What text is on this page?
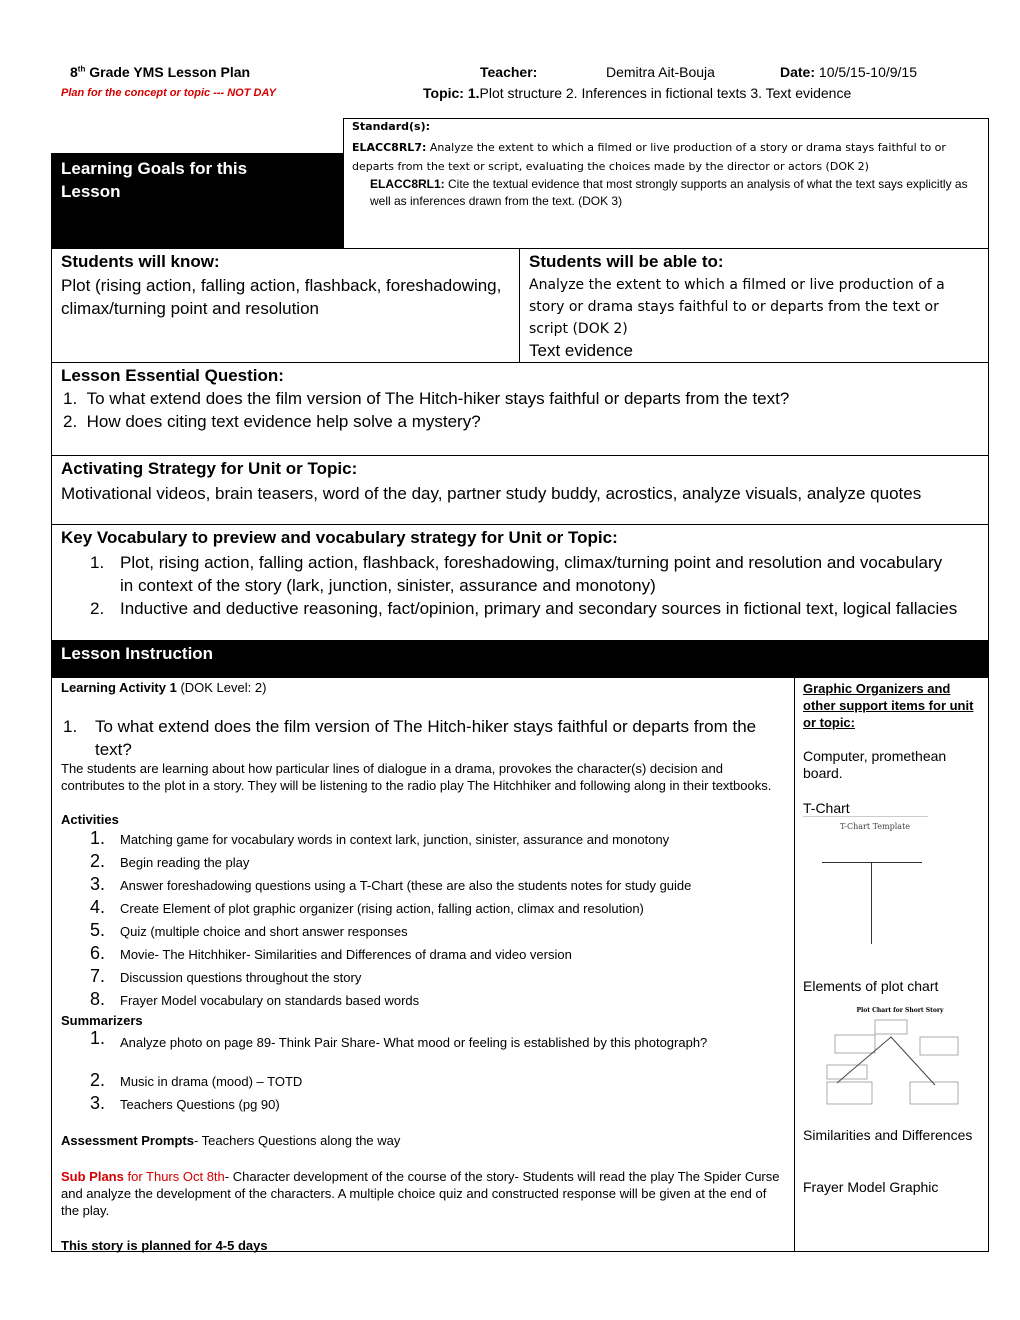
8th Grade YMS Lesson Plan	Teacher:	Demitra Ait-Bouja	Date: 10/5/15-10/9/15
Plan for the concept or topic --- NOT DAY	Topic: 1.Plot structure 2. Inferences in fictional texts 3. Text evidence
Learning Goals for this Lesson
Standard(s):
ELACC8RL7: Analyze the extent to which a filmed or live production of a story or drama stays faithful to or departs from the text or script, evaluating the choices made by the director or actors (DOK 2)
ELACC8RL1: Cite the textual evidence that most strongly supports an analysis of what the text says explicitly as well as inferences drawn from the text. (DOK 3)
Students will know:
Plot (rising action, falling action, flashback, foreshadowing, climax/turning point and resolution
Students will be able to:
Analyze the extent to which a filmed or live production of a story or drama stays faithful to or departs from the text or script (DOK 2)
Text evidence
Lesson Essential Question:
1.  To what extend does the film version of The Hitch-hiker stays faithful or departs from the text?
2.  How does citing text evidence help solve a mystery?
Activating Strategy for Unit or Topic:
Motivational videos, brain teasers, word of the day, partner study buddy, acrostics, analyze visuals, analyze quotes
Key Vocabulary to preview and vocabulary strategy for Unit or Topic:
1. Plot, rising action, falling action, flashback, foreshadowing, climax/turning point and resolution and vocabulary in context of the story (lark, junction, sinister, assurance and monotony)
2. Inductive and deductive reasoning, fact/opinion, primary and secondary sources in fictional text, logical fallacies
Lesson Instruction
Learning Activity 1 (DOK Level: 2)
1.	To what extend does the film version of The Hitch-hiker stays faithful or departs from the text?
The students are learning about how particular lines of dialogue in a drama, provokes the character(s) decision and contributes to the plot in a story. They will be listening to the radio play The Hitchhiker and following along in their textbooks.
Activities
1. Matching game for vocabulary words in context lark, junction, sinister, assurance and monotony
2. Begin reading the play
3. Answer foreshadowing questions using a T-Chart (these are also the students notes for study guide
4. Create Element of plot graphic organizer (rising action, falling action, climax and resolution)
5. Quiz (multiple choice and short answer responses
6. Movie- The Hitchhiker- Similarities and Differences of drama and video version
7. Discussion questions throughout the story
8. Frayer Model vocabulary on standards based words
Summarizers
1. Analyze photo on page 89- Think Pair Share- What mood or feeling is established by this photograph?
2. Music in drama (mood) – TOTD
3. Teachers Questions (pg 90)
Assessment Prompts- Teachers Questions along the way
Sub Plans for Thurs Oct 8th- Character development of the course of the story- Students will read the play The Spider Curse and analyze the development of the characters. A multiple choice quiz and constructed response will be given at the end of the play.
This story is planned for 4-5 days
Graphic Organizers and other support items for unit or topic:
Computer, promethean board.
T-Chart
T-Chart Template
Elements of plot chart
Plot Chart for Short Story
Similarities and Differences
Frayer Model Graphic
